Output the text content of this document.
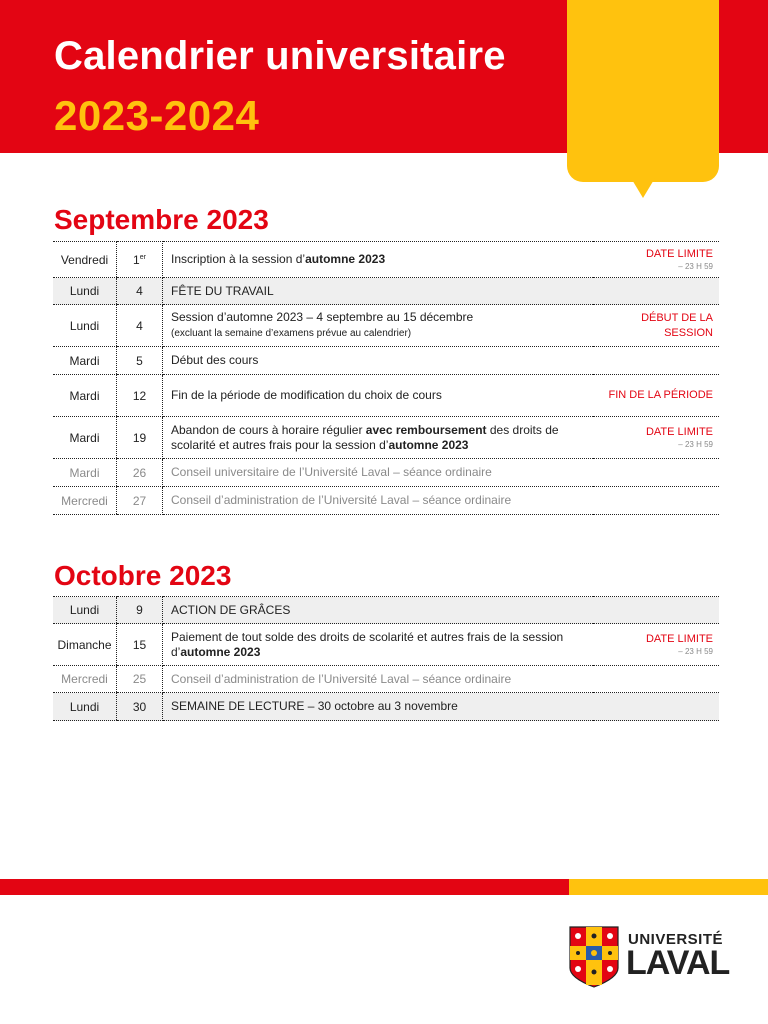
Calendrier universitaire
2023-2024
Septembre 2023
Vendredi	1er	Inscription à la session d’automne 2023	DATE LIMITE
– 23 H 59

Lundi	4	FÊTE DU TRAVAIL	
Lundi	4	Session d’automne 2023 – 4 septembre au 15 décembre
(excluant la semaine d’examens prévue au calendrier)	DÉBUT DE LA SESSION
Mardi	5	Début des cours	
Mardi	12	Fin de la période de modification du choix de cours	FIN DE LA PÉRIODE
Mardi	19	Abandon de cours à horaire régulier avec remboursement des droits de scolarité et autres frais pour la session d’automne 2023	DATE LIMITE
– 23 H 59

Mardi	26	Conseil universitaire de l’Université Laval – séance ordinaire	
Mercredi	27	Conseil d’administration de l’Université Laval – séance ordinaire	
Octobre 2023
Lundi	9	ACTION DE GRÂCES	
Dimanche	15	Paiement de tout solde des droits de scolarité et autres frais de la session d’automne 2023	DATE LIMITE
– 23 H 59

Mercredi	25	Conseil d’administration de l’Université Laval – séance ordinaire	
Lundi	30	SEMAINE DE LECTURE – 30 octobre au 3 novembre	
UNIVERSITÉ
LAVAL
